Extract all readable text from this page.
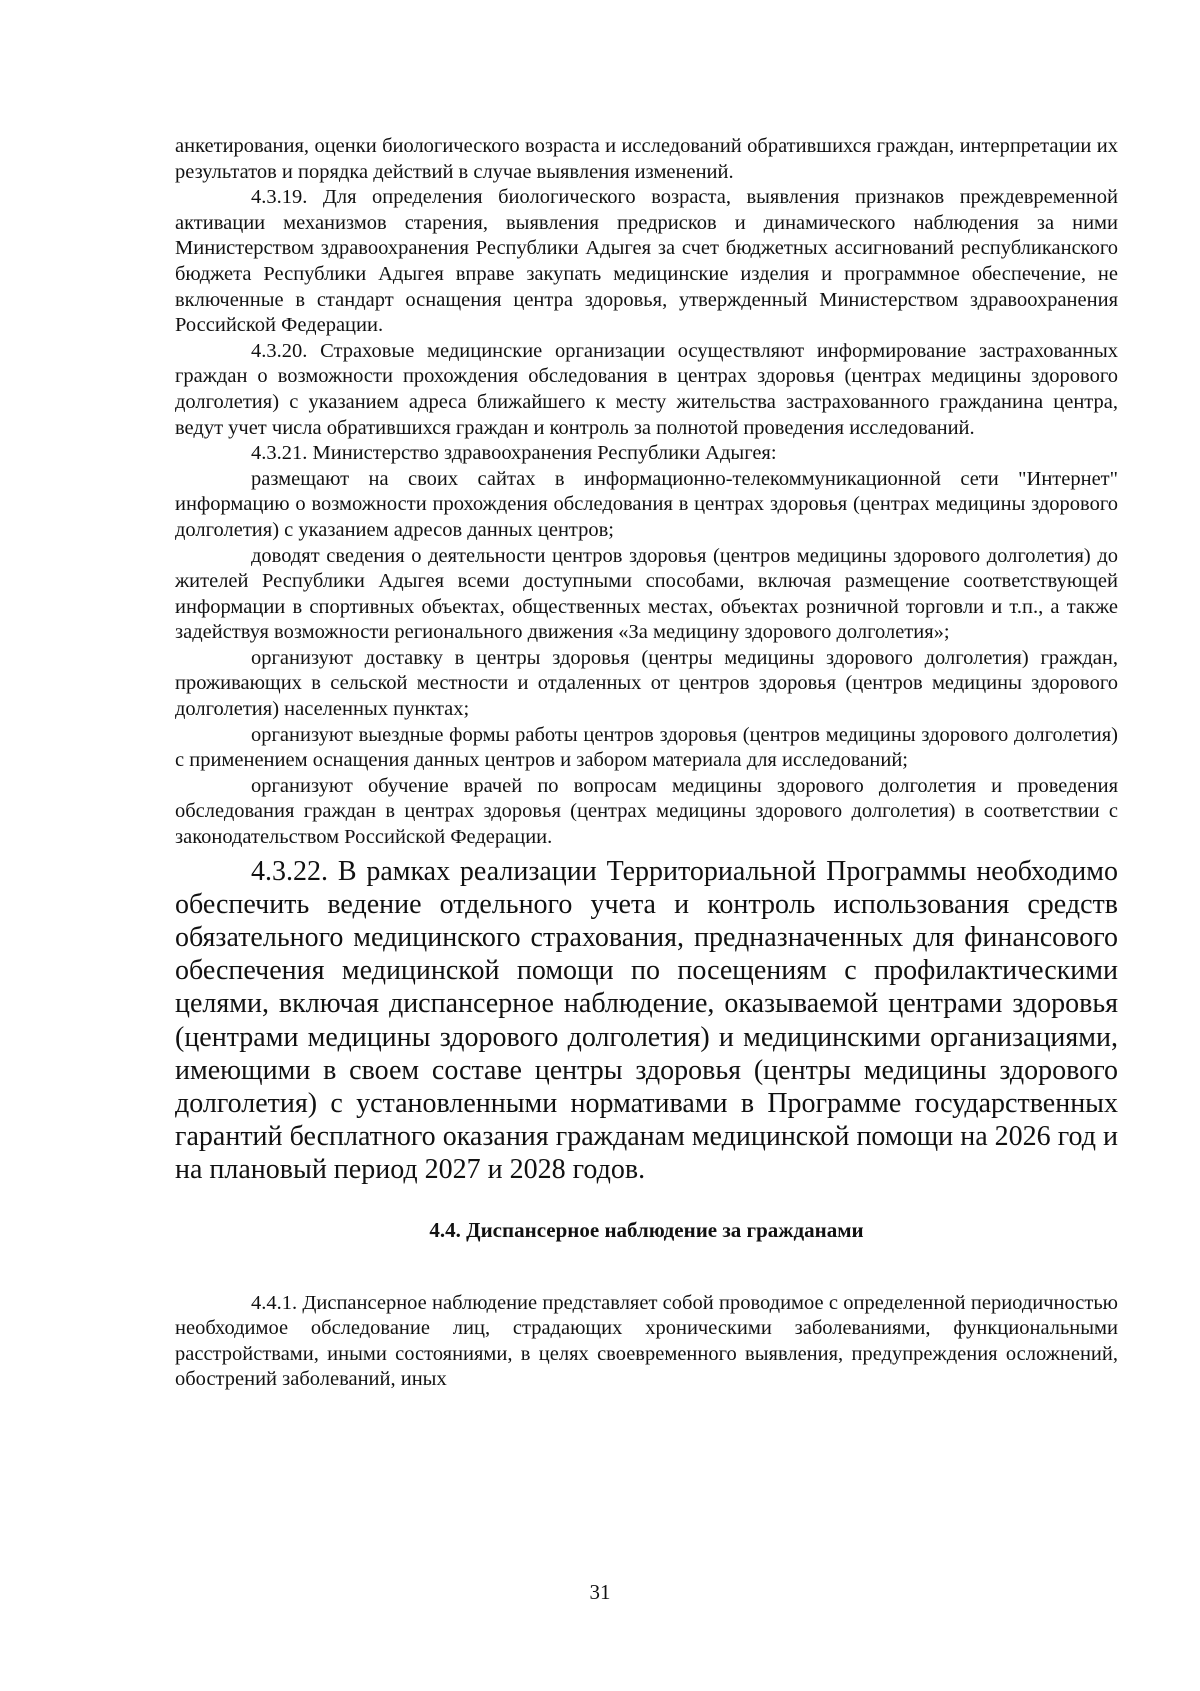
анкетирования, оценки биологического возраста и исследований обратившихся граждан, интерпретации их результатов и порядка действий в случае выявления изменений.

4.3.19. Для определения биологического возраста, выявления признаков преждевременной активации механизмов старения, выявления предрисков и динамического наблюдения за ними Министерством здравоохранения Республики Адыгея за счет бюджетных ассигнований республиканского бюджета Республики Адыгея вправе закупать медицинские изделия и программное обеспечение, не включенные в стандарт оснащения центра здоровья, утвержденный Министерством здравоохранения Российской Федерации.

4.3.20. Страховые медицинские организации осуществляют информирование застрахованных граждан о возможности прохождения обследования в центрах здоровья (центрах медицины здорового долголетия) с указанием адреса ближайшего к месту жительства застрахованного гражданина центра, ведут учет числа обратившихся граждан и контроль за полнотой проведения исследований.

4.3.21. Министерство здравоохранения Республики Адыгея:

размещают на своих сайтах в информационно-телекоммуникационной сети "Интернет" информацию о возможности прохождения обследования в центрах здоровья (центрах медицины здорового долголетия) с указанием адресов данных центров;

доводят сведения о деятельности центров здоровья (центров медицины здорового долголетия) до жителей Республики Адыгея всеми доступными способами, включая размещение соответствующей информации в спортивных объектах, общественных местах, объектах розничной торговли и т.п., а также задействуя возможности регионального движения «За медицину здорового долголетия»;

организуют доставку в центры здоровья (центры медицины здорового долголетия) граждан, проживающих в сельской местности и отдаленных от центров здоровья (центров медицины здорового долголетия) населенных пунктах;

организуют выездные формы работы центров здоровья (центров медицины здорового долголетия) с применением оснащения данных центров и забором материала для исследований;

организуют обучение врачей по вопросам медицины здорового долголетия и проведения обследования граждан в центрах здоровья (центрах медицины здорового долголетия) в соответствии с законодательством Российской Федерации.

4.3.22. В рамках реализации Территориальной Программы необходимо обеспечить ведение отдельного учета и контроль использования средств обязательного медицинского страхования, предназначенных для финансового обеспечения медицинской помощи по посещениям с профилактическими целями, включая диспансерное наблюдение, оказываемой центрами здоровья (центрами медицины здорового долголетия) и медицинскими организациями, имеющими в своем составе центры здоровья (центры медицины здорового долголетия) с установленными нормативами в Программе государственных гарантий бесплатного оказания гражданам медицинской помощи на 2026 год и на плановый период 2027 и 2028 годов.

4.4. Диспансерное наблюдение за гражданами

4.4.1. Диспансерное наблюдение представляет собой проводимое с определенной периодичностью необходимое обследование лиц, страдающих хроническими заболеваниями, функциональными расстройствами, иными состояниями, в целях своевременного выявления, предупреждения осложнений, обострений заболеваний, иных

31
